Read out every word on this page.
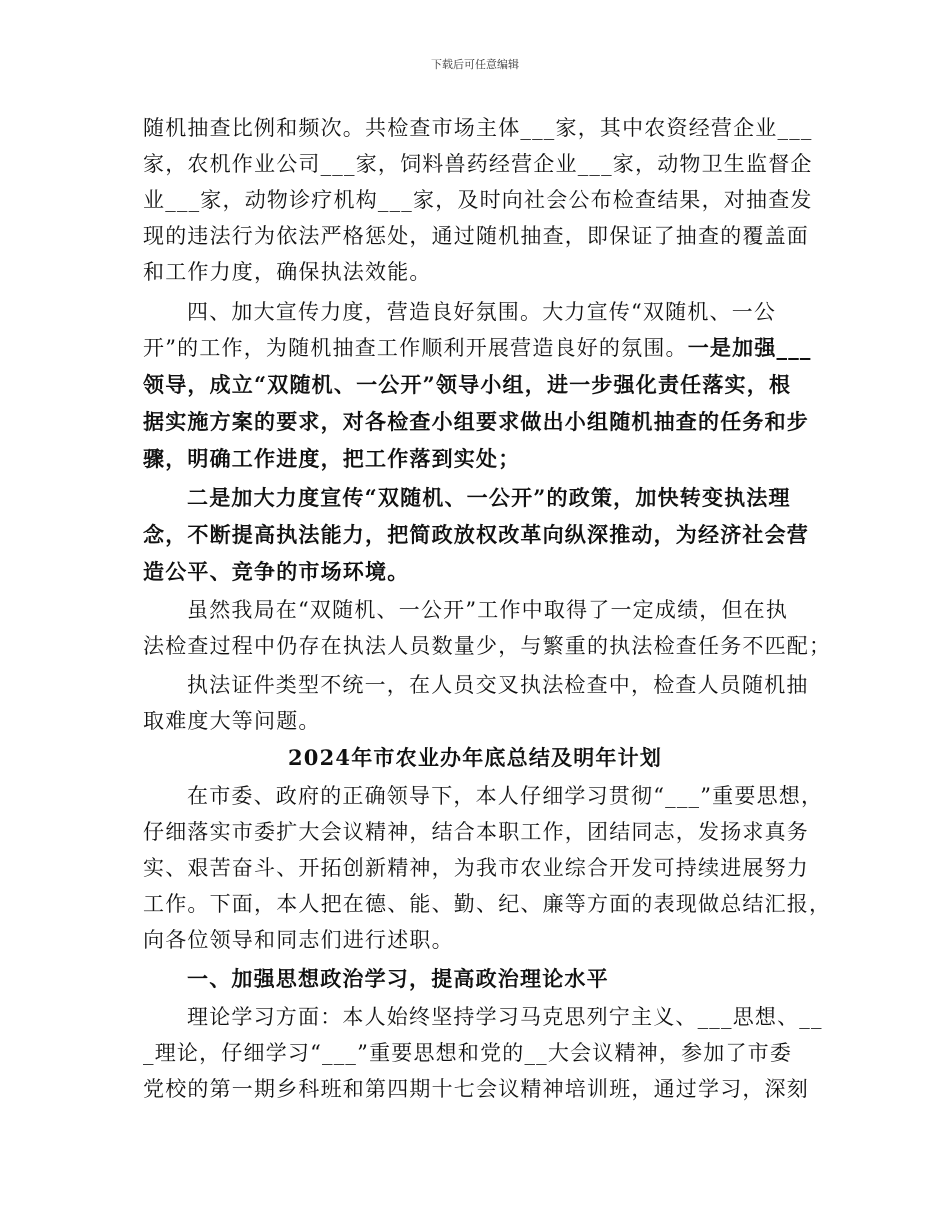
下载后可任意编辑
随机抽查比例和频次。共检查市场主体___家，其中农资经营企业___
家，农机作业公司___家，饲料兽药经营企业___家，动物卫生监督企
业___家，动物诊疗机构___家，及时向社会公布检查结果，对抽查发
现的违法行为依法严格惩处，通过随机抽查，即保证了抽查的覆盖面
和工作力度，确保执法效能。
四、加大宣传力度，营造良好氛围。大力宣传“双随机、一公
开”的工作，为随机抽查工作顺利开展营造良好的氛围。一是加强___
领导，成立“双随机、一公开”领导小组，进一步强化责任落实，根
据实施方案的要求，对各检查小组要求做出小组随机抽查的任务和步
骤，明确工作进度，把工作落到实处；
二是加大力度宣传“双随机、一公开”的政策，加快转变执法理
念，不断提高执法能力，把简政放权改革向纵深推动，为经济社会营
造公平、竞争的市场环境。
虽然我局在“双随机、一公开”工作中取得了一定成绩，但在执
法检查过程中仍存在执法人员数量少，与繁重的执法检查任务不匹配；
执法证件类型不统一，在人员交叉执法检查中，检查人员随机抽
取难度大等问题。
2024年市农业办年底总结及明年计划
在市委、政府的正确领导下，本人仔细学习贯彻“___”重要思想，
仔细落实市委扩大会议精神，结合本职工作，团结同志，发扬求真务
实、艰苦奋斗、开拓创新精神，为我市农业综合开发可持续进展努力
工作。下面，本人把在德、能、勤、纪、廉等方面的表现做总结汇报，
向各位领导和同志们进行述职。
一、加强思想政治学习，提高政治理论水平
理论学习方面：本人始终坚持学习马克思列宁主义、___思想、__
_理论，仔细学习“___”重要思想和党的__大会议精神，参加了市委
党校的第一期乡科班和第四期十七会议精神培训班，通过学习，深刻
